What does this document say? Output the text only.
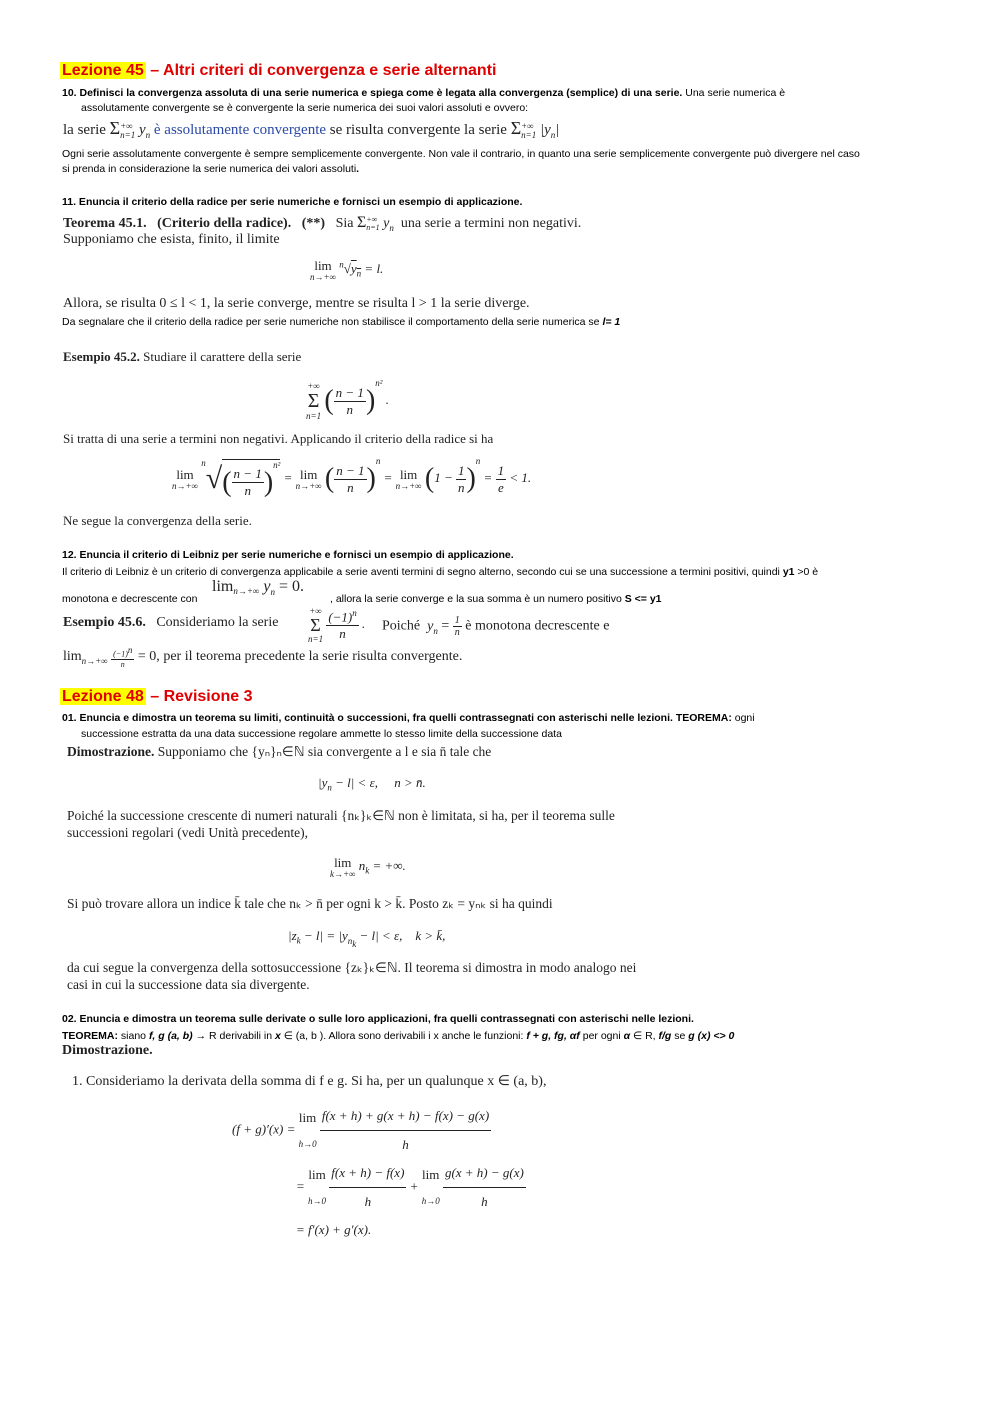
Lezione 45 – Altri criteri di convergenza e serie alternanti
10. Definisci la convergenza assoluta di una serie numerica e spiega come è legata alla convergenza (semplice) di una serie. Una serie numerica è
assolutamente convergente se è convergente la serie numerica dei suoi valori assoluti e ovvero:
la serie Σ+∞
n=1 $y_n$ è assolutamente convergente se risulta convergente la serie Σ+∞
n=1 $|y_n|$
Ogni serie assolutamente convergente è sempre semplicemente convergente. Non vale il contrario, in quanto una serie semplicemente convergente può divergere nel caso
si prenda in considerazione la serie numerica dei valori assoluti.
11. Enuncia il criterio della radice per serie numeriche e fornisci un esempio di applicazione.
Teorema 45.1. (Criterio della radice). (**)   Sia Σ+∞
n=1 $y_n$ una serie a termini non negativi.
Supponiamo che esista, finito, il limite
lim
n→+∞
$^n√y_n = l$.
Allora, se risulta 0 ≤ l < 1, la serie converge, mentre se risulta l > 1 la serie diverge.
Da segnalare che il criterio della radice per serie numeriche non stabilisce il comportamento della serie numerica se l= 1
Esempio 45.2. Studiare il carattere della serie
+∞
Σ
n=1 ( $\frac{n - 1}{n} )^{n^2}$ .
Si tratta di una serie a termini non negativi. Applicando il criterio della radice si ha
lim
n→+∞
$^n√( \frac{n - 1}{n} )^{n^2} = \lim$
n→+∞ ( $\frac{n - 1}{n} )^n = \lim$
n→+∞ $(1 - \frac{1}{n} )^n = \frac{1}{e} < 1$.
Ne segue la convergenza della serie.
12. Enuncia il criterio di Leibniz per serie numeriche e fornisci un esempio di applicazione.
Il criterio di Leibniz è un criterio di convergenza applicabile a serie aventi termini di segno alterno, secondo cui se una successione a termini positivi, quindi y1 >0 è
monotona e decrescente con
$\lim_{n\to+\infty} y_n = 0$.
, allora la serie converge e la sua somma è un numero positivo S <= y1
Esempio 45.6. Consideriamo la serie
+∞
Σ
$n=1 \frac{(-1)^n}{n}$ . Poiché $y_n = \frac{1}{n}$ è monotona decrescente e
$\lim_{n\to+\infty} \frac{(-1)^n}{n} = 0$, per il teorema precedente la serie risulta convergente.
Lezione 48 – Revisione 3
01. Enuncia e dimostra un teorema su limiti, continuità o successioni, fra quelli contrassegnati con asterischi nelle lezioni. TEOREMA: ogni
successione estratta da una data successione regolare ammette lo stesso limite della successione data
Dimostrazione. Supponiamo che {yₙ}ₙ∈ℕ sia convergente a l e sia n̄ tale che
$|y_n - l| < \varepsilon$,     n > n̄.
Poiché la successione crescente di numeri naturali {nₖ}ₖ∈ℕ non è limitata, si ha, per il teorema sulle
successioni regolari (vedi Unità precedente),
lim
k→+∞
$n_k$ = +∞.
Si può trovare allora un indice k̄ tale che nₖ > n̄ per ogni k > k̄. Posto zₖ = yₙₖ si ha quindi
$|z_k - l| = |y_{n_k} - l| < \varepsilon$,    k > k̄,
da cui segue la convergenza della sottosuccessione {zₖ}ₖ∈ℕ. Il teorema si dimostra in modo analogo nei
casi in cui la successione data sia divergente.
02. Enuncia e dimostra un teorema sulle derivate o sulle loro applicazioni, fra quelli contrassegnati con asterischi nelle lezioni.
TEOREMA: siano f, g (a, b) → R derivabili in x ∈ (a, b ). Allora sono derivabili i x anche le funzioni: f + g, fg, αf per ogni α ∈ R, f/g se g (x) <> 0
Dimostrazione.
1. Consideriamo la derivata della somma di f e g. Si ha, per un qualunque x ∈ (a, b),
(f + g)′(x) = lim
h→0
$\frac{f(x + h) + g(x + h) - f(x) - g(x)}{h}$
= lim
h→0
$\frac{f(x + h) - f(x)}{h} + \lim$
h→0
$\frac{g(x + h) - g(x)}{h}$
= f′(x) + g′(x).
